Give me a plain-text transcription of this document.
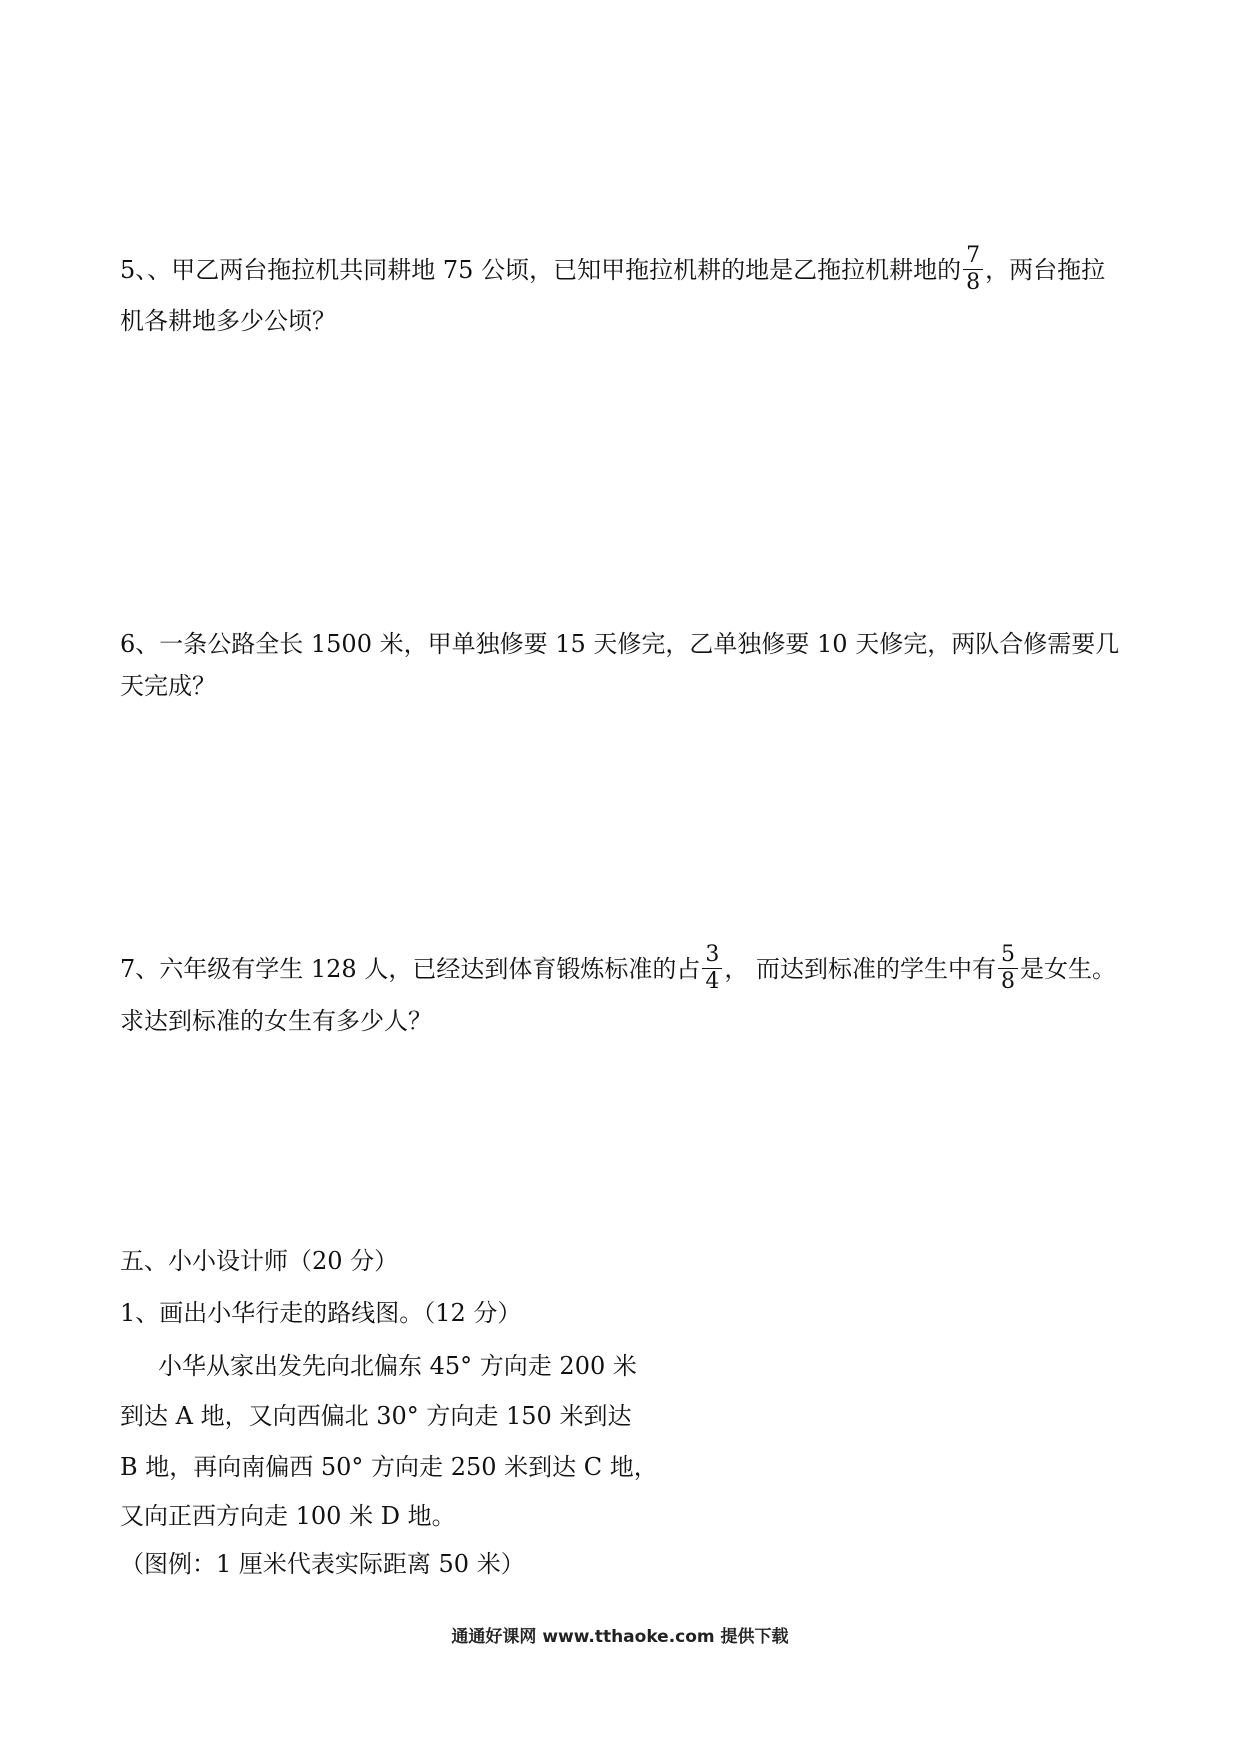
5、、甲乙两台拖拉机共同耕地 75 公顷，已知甲拖拉机耕的地是乙拖拉机耕地的 $\frac{7}{8}$ ，两台拖拉
机各耕地多少公顷？
6、一条公路全长 1500 米，甲单独修要 15 天修完，乙单独修要 10 天修完，两队合修需要几
天完成？
7、六年级有学生 128 人，已经达到体育锻炼标准的占 $\frac{3}{4}$ ， 而达到标准的学生中有 $\frac{5}{8}$ 是女生。
求达到标准的女生有多少人？
五、小小设计师（20 分）
1、画出小华行走的路线图。（12 分）
小华从家出发先向北偏东 45° 方向走 200 米
到达 A 地，又向西偏北 30° 方向走 150 米到达
B 地，再向南偏西 50° 方向走 250 米到达 C 地，
又向正西方向走 100 米 D 地。
（图例：1 厘米代表实际距离 50 米）
通通好课网 www.tthaoke.com 提供下载
